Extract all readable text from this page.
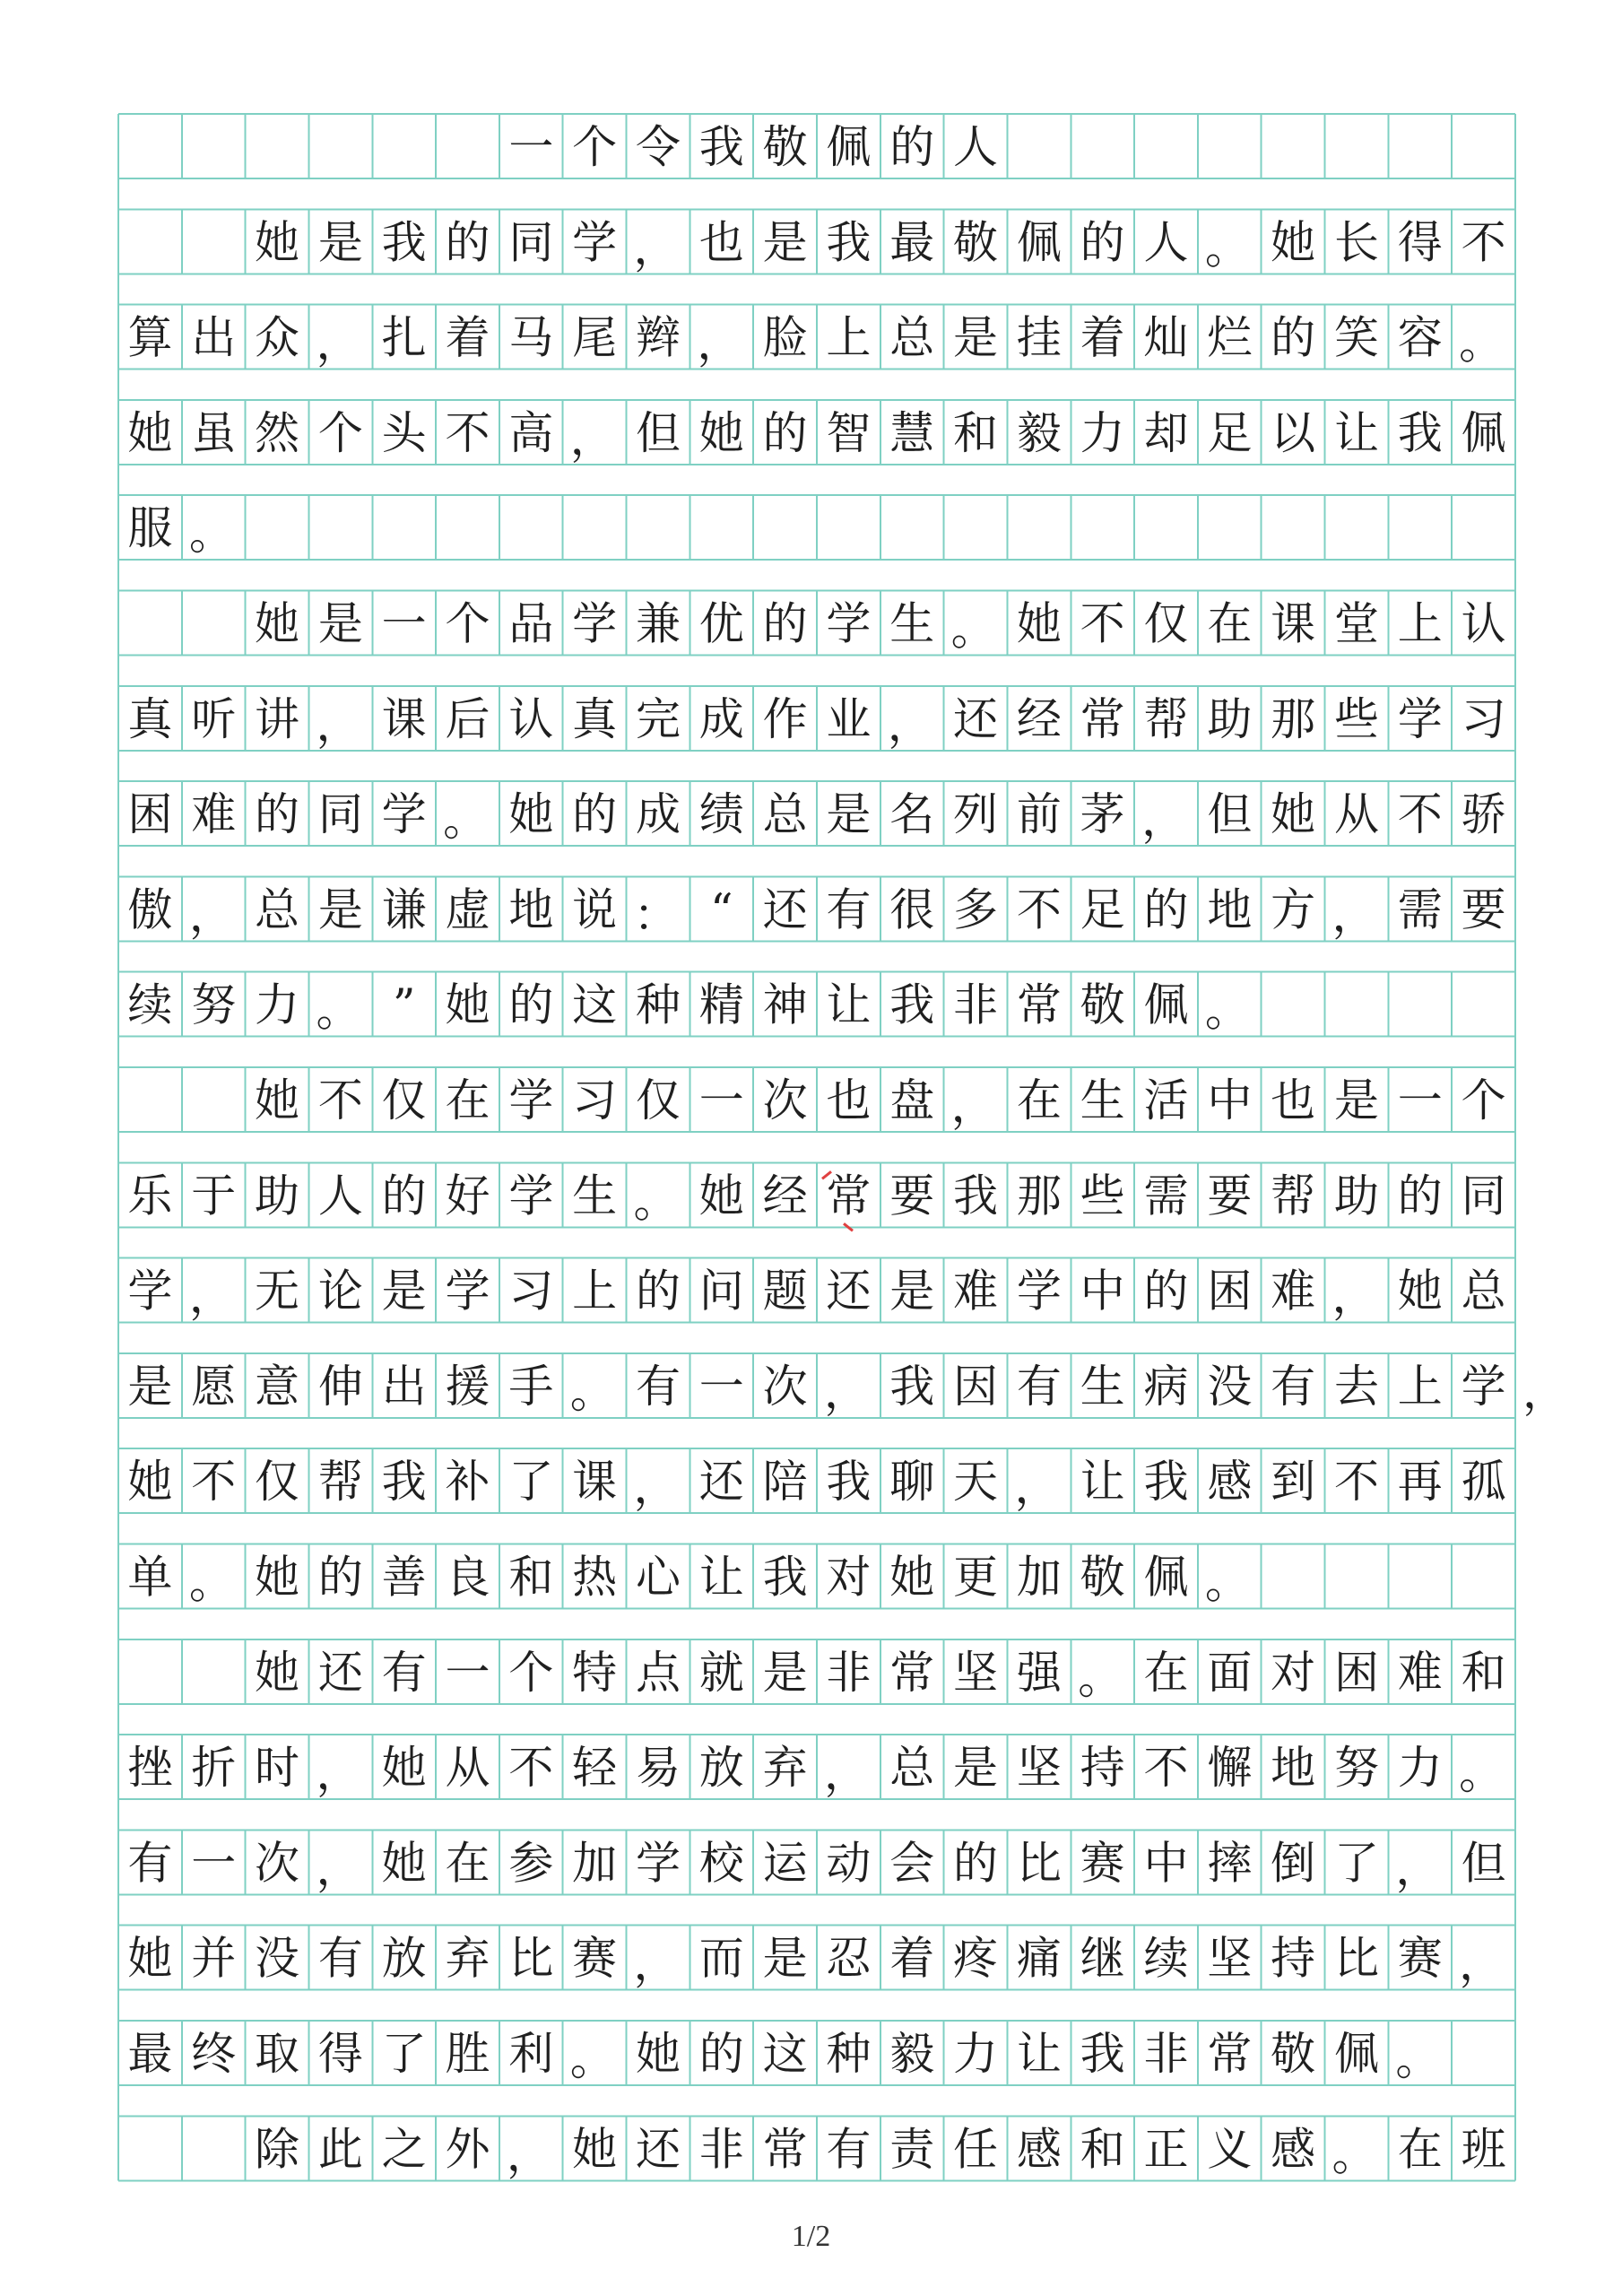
一 个 令 我 敬 佩 的 人
她 是 我 的 同 学 ， 也 是 我 最 敬 佩 的 人 。 她 长 得 不
算 出 众 ， 扎 着 马 尾 辫 ， 脸 上 总 是 挂 着 灿 烂 的 笑 容 。
她 虽 然 个 头 不 高 ， 但 她 的 智 慧 和 毅 力 却 足 以 让 我 佩
服 。
她 是 一 个 品 学 兼 优 的 学 生 。 她 不 仅 在 课 堂 上 认
真 听 讲 ， 课 后 认 真 完 成 作 业 ， 还 经 常 帮 助 那 些 学 习
困 难 的 同 学 。 她 的 成 绩 总 是 名 列 前 茅 ， 但 她 从 不 骄
傲 ， 总 是 谦 虚 地 说 ： “ 还 有 很 多 不 足 的 地 方 ， 需 要
续 努 力 。 ” 她 的 这 种 精 神 让 我 非 常 敬 佩 。
她 不 仅 在 学 习 仅 一 次 也 盘 ， 在 生 活 中 也 是 一 个
乐 于 助 人 的 好 学 生 。 她 经 常 要 我 那 些 需 要 帮 助 的 同
学 ， 无 论 是 学 习 上 的 问 题 还 是 难 学 中 的 困 难 ， 她 总
是 愿 意 伸 出 援 手 。 有 一 次 ， 我 因 有 生 病 没 有 去 上 学
她 不 仅 帮 我 补 了 课 ， 还 陪 我 聊 天 ， 让 我 感 到 不 再 孤
单 。 她 的 善 良 和 热 心 让 我 对 她 更 加 敬 佩 。
她 还 有 一 个 特 点 就 是 非 常 坚 强 。 在 面 对 困 难 和
挫 折 时 ， 她 从 不 轻 易 放 弃 ， 总 是 坚 持 不 懈 地 努 力 。
有 一 次 ， 她 在 参 加 学 校 运 动 会 的 比 赛 中 摔 倒 了 ， 但
她 并 没 有 放 弃 比 赛 ， 而 是 忍 着 疼 痛 继 续 坚 持 比 赛 ，
最 终 取 得 了 胜 利 。 她 的 这 种 毅 力 让 我 非 常 敬 佩 。
除 此 之 外 ， 她 还 非 常 有 责 任 感 和 正 义 感 。 在 班
，
1/2
